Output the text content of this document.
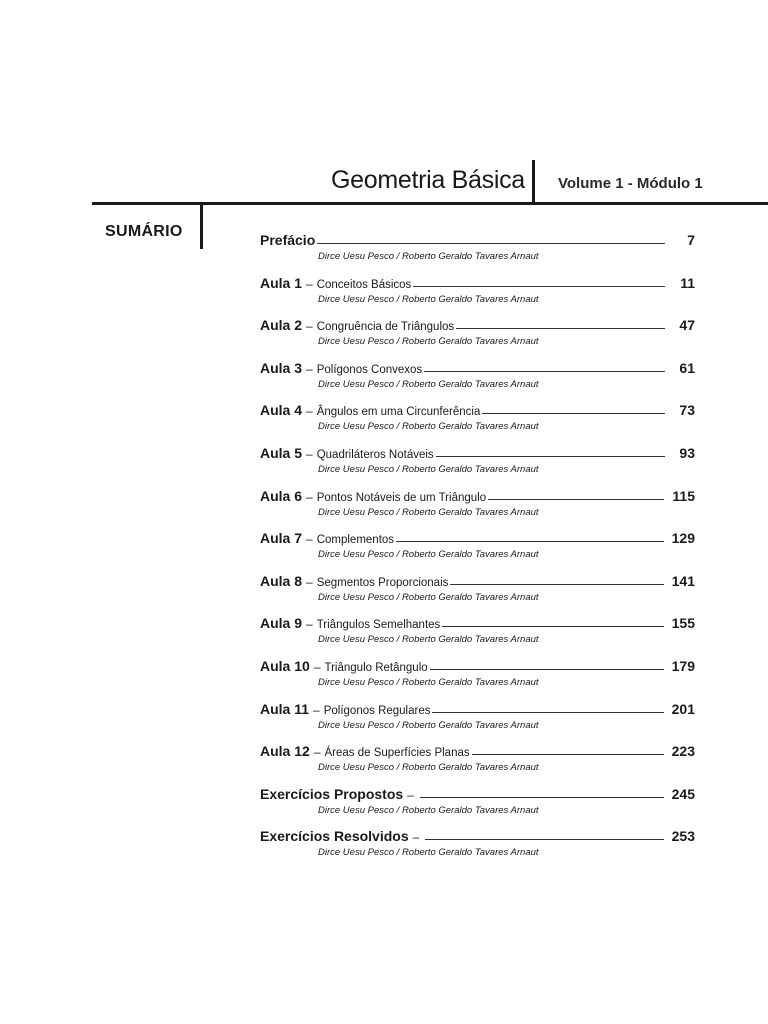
Geometria Básica Volume 1 - Módulo 1
SUMÁRIO	Prefácio	7
Dirce Uesu Pesco / Roberto Geraldo Tavares Arnaut
Aula 1 – Conceitos Básicos	11
Dirce Uesu Pesco / Roberto Geraldo Tavares Arnaut
Aula 2 – Congruência de Triângulos	47
Dirce Uesu Pesco / Roberto Geraldo Tavares Arnaut
Aula 3 – Polígonos Convexos	61
Dirce Uesu Pesco / Roberto Geraldo Tavares Arnaut
Aula 4 – Ângulos em uma Circunferência	73
Dirce Uesu Pesco / Roberto Geraldo Tavares Arnaut
Aula 5 – Quadriláteros Notáveis	93
Dirce Uesu Pesco / Roberto Geraldo Tavares Arnaut
Aula 6 – Pontos Notáveis de um Triângulo	115
Dirce Uesu Pesco / Roberto Geraldo Tavares Arnaut
Aula 7 – Complementos	129
Dirce Uesu Pesco / Roberto Geraldo Tavares Arnaut
Aula 8 – Segmentos Proporcionais	141
Dirce Uesu Pesco / Roberto Geraldo Tavares Arnaut
Aula 9 – Triângulos Semelhantes	155
Dirce Uesu Pesco / Roberto Geraldo Tavares Arnaut
Aula 10 – Triângulo Retângulo	179
Dirce Uesu Pesco / Roberto Geraldo Tavares Arnaut
Aula 11 – Polígonos Regulares	201
Dirce Uesu Pesco / Roberto Geraldo Tavares Arnaut
Aula 12 – Áreas de Superfícies Planas	223
Dirce Uesu Pesco / Roberto Geraldo Tavares Arnaut
Exercícios Propostos –	245
Dirce Uesu Pesco / Roberto Geraldo Tavares Arnaut
Exercícios Resolvidos –	253
Dirce Uesu Pesco / Roberto Geraldo Tavares Arnaut
